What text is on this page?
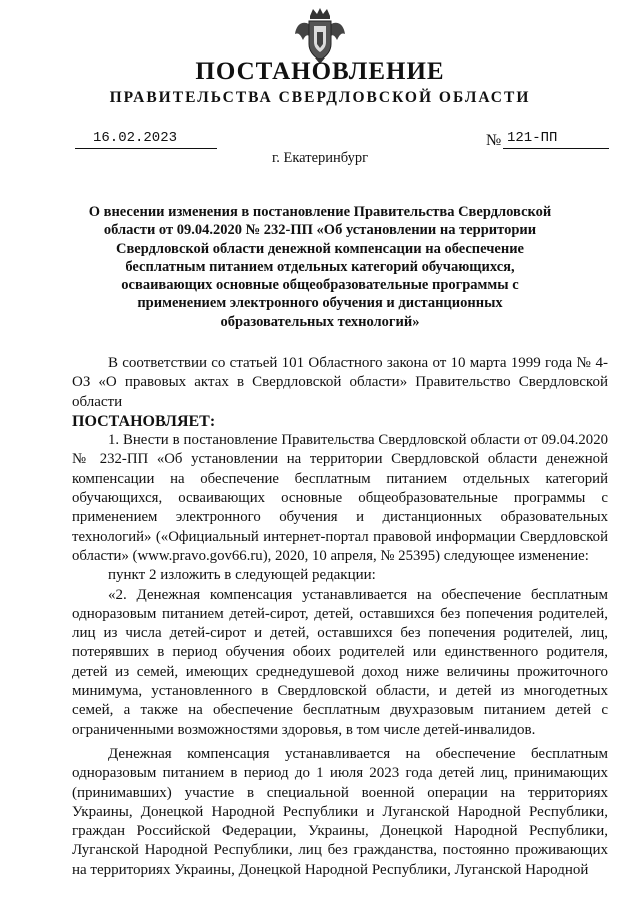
ПОСТАНОВЛЕНИЕ
ПРАВИТЕЛЬСТВА СВЕРДЛОВСКОЙ ОБЛАСТИ
16.02.2023	№ 121-ПП
г. Екатеринбург
О внесении изменения в постановление Правительства Свердловской области от 09.04.2020 № 232-ПП «Об установлении на территории Свердловской области денежной компенсации на обеспечение бесплатным питанием отдельных категорий обучающихся, осваивающих основные общеобразовательные программы с применением электронного обучения и дистанционных образовательных технологий»

В соответствии со статьей 101 Областного закона от 10 марта 1999 года № 4-ОЗ «О правовых актах в Свердловской области» Правительство Свердловской области

ПОСТАНОВЛЯЕТ:

1. Внести в постановление Правительства Свердловской области от 09.04.2020 № 232-ПП «Об установлении на территории Свердловской области денежной компенсации на обеспечение бесплатным питанием отдельных категорий обучающихся, осваивающих основные общеобразовательные программы с применением электронного обучения и дистанционных образовательных технологий» («Официальный интернет-портал правовой информации Свердловской области» (www.pravo.gov66.ru), 2020, 10 апреля, № 25395) следующее изменение:

пункт 2 изложить в следующей редакции:

«2. Денежная компенсация устанавливается на обеспечение бесплатным одноразовым питанием детей-сирот, детей, оставшихся без попечения родителей, лиц из числа детей-сирот и детей, оставшихся без попечения родителей, лиц, потерявших в период обучения обоих родителей или единственного родителя, детей из семей, имеющих среднедушевой доход ниже величины прожиточного минимума, установленного в Свердловской области, и детей из многодетных семей, а также на обеспечение бесплатным двухразовым питанием детей с ограниченными возможностями здоровья, в том числе детей-инвалидов.

Денежная компенсация устанавливается на обеспечение бесплатным одноразовым питанием в период до 1 июля 2023 года детей лиц, принимающих (принимавших) участие в специальной военной операции на территориях Украины, Донецкой Народной Республики и Луганской Народной Республики, граждан Российской Федерации, Украины, Донецкой Народной Республики, Луганской Народной Республики, лиц без гражданства, постоянно проживающих на территориях Украины, Донецкой Народной Республики, Луганской Народной
